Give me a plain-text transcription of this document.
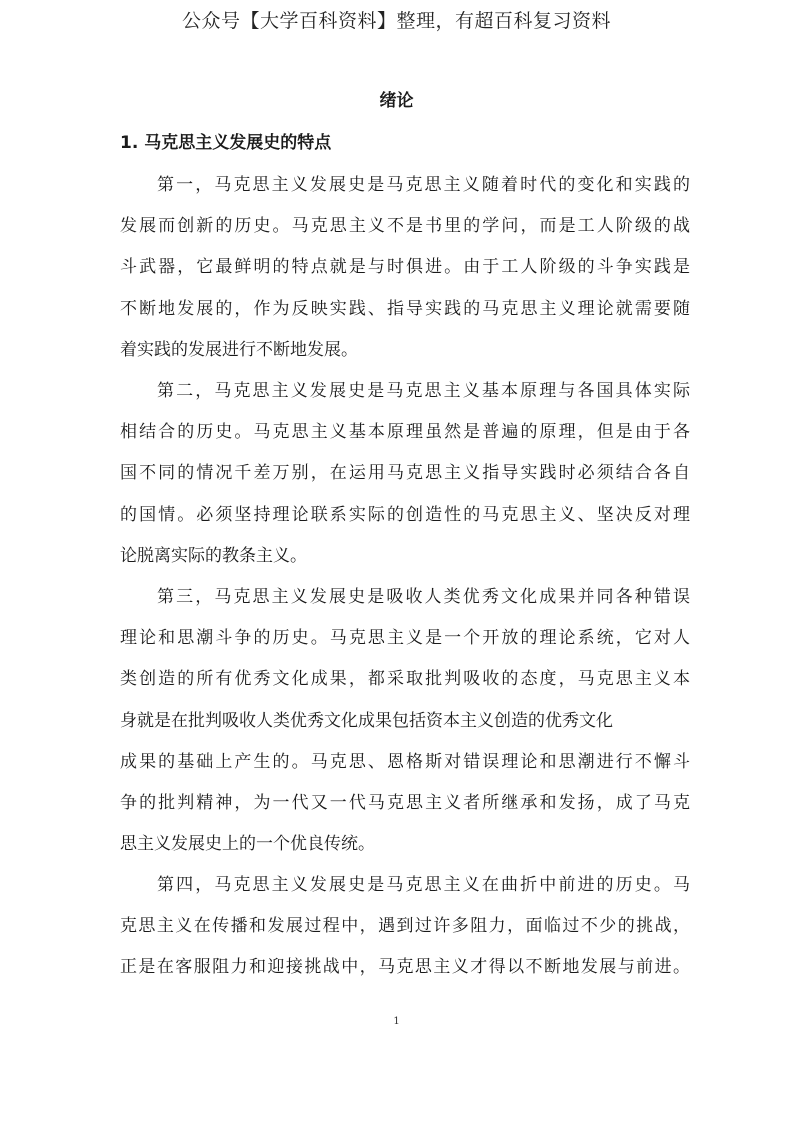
公众号【大学百科资料】整理，有超百科复习资料
绪论
1. 马克思主义发展史的特点
第一，马克思主义发展史是马克思主义随着时代的变化和实践的
发展而创新的历史。马克思主义不是书里的学问，而是工人阶级的战
斗武器，它最鲜明的特点就是与时俱进。由于工人阶级的斗争实践是
不断地发展的，作为反映实践、指导实践的马克思主义理论就需要随
着实践的发展进行不断地发展。
第二，马克思主义发展史是马克思主义基本原理与各国具体实际
相结合的历史。马克思主义基本原理虽然是普遍的原理，但是由于各
国不同的情况千差万别，在运用马克思主义指导实践时必须结合各自
的国情。必须坚持理论联系实际的创造性的马克思主义、坚决反对理
论脱离实际的教条主义。
第三，马克思主义发展史是吸收人类优秀文化成果并同各种错误
理论和思潮斗争的历史。马克思主义是一个开放的理论系统，它对人
类创造的所有优秀文化成果，都采取批判吸收的态度，马克思主义本
身就是在批判吸收人类优秀文化成果包括资本主义创造的优秀文化
成果的基础上产生的。马克思、恩格斯对错误理论和思潮进行不懈斗
争的批判精神，为一代又一代马克思主义者所继承和发扬，成了马克
思主义发展史上的一个优良传统。
第四，马克思主义发展史是马克思主义在曲折中前进的历史。马
克思主义在传播和发展过程中，遇到过许多阻力，面临过不少的挑战，
正是在客服阻力和迎接挑战中，马克思主义才得以不断地发展与前进。
1
